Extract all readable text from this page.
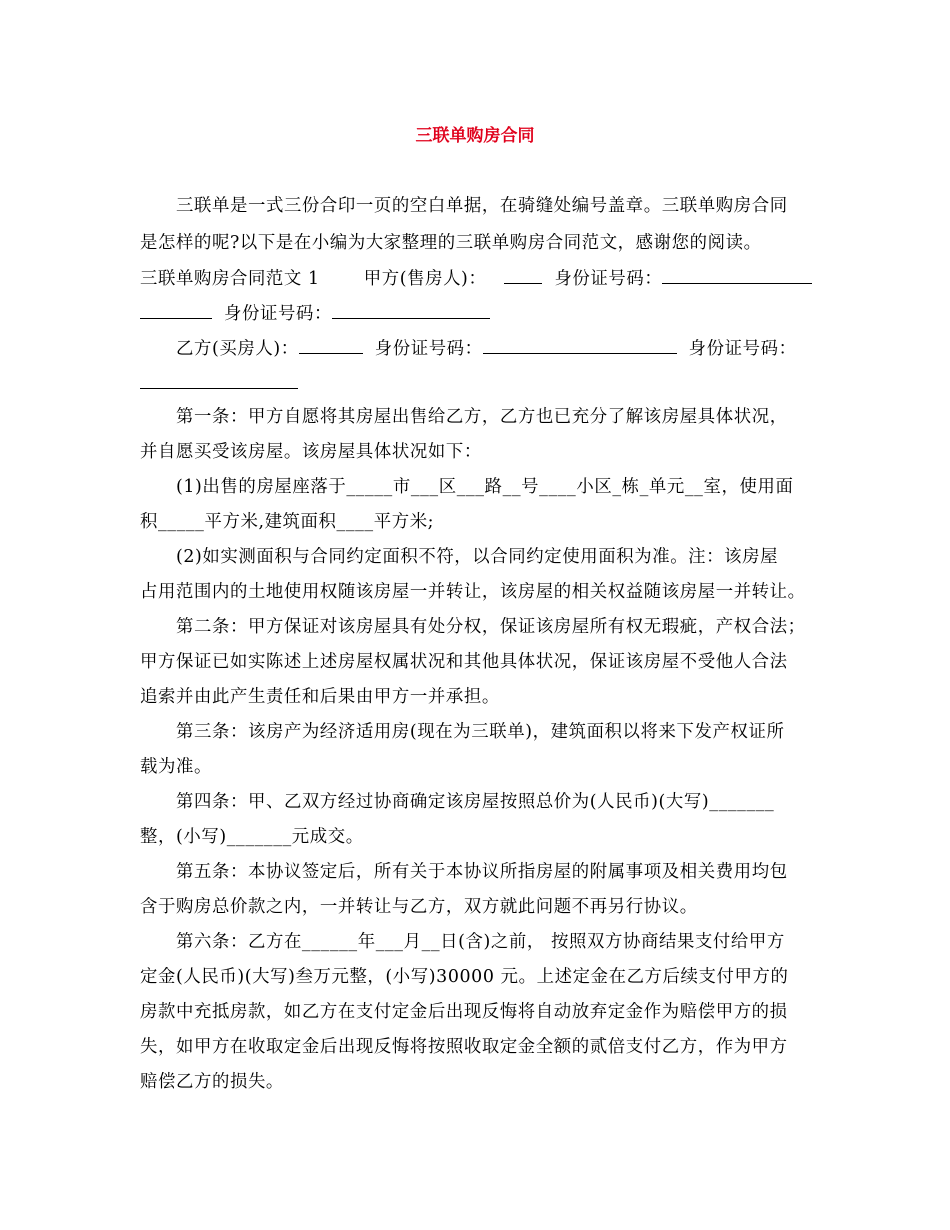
三联单购房合同
三联单是一式三份合印一页的空白单据，在骑缝处编号盖章。三联单购房合同
是怎样的呢?以下是在小编为大家整理的三联单购房合同范文，感谢您的阅读。
三联单购房合同范文 1	甲方(售房人)：	身份证号码：
身份证号码：
乙方(买房人)：	身份证号码：	身份证号码：
第一条：甲方自愿将其房屋出售给乙方，乙方也已充分了解该房屋具体状况，
并自愿买受该房屋。该房屋具体状况如下：
(1)出售的房屋座落于_____市___区___路__号____小区_栋_单元__室，使用面
积_____平方米,建筑面积____平方米;
(2)如实测面积与合同约定面积不符，以合同约定使用面积为准。注：该房屋
占用范围内的土地使用权随该房屋一并转让，该房屋的相关权益随该房屋一并转让。
第二条：甲方保证对该房屋具有处分权，保证该房屋所有权无瑕疵，产权合法；
甲方保证已如实陈述上述房屋权属状况和其他具体状况，保证该房屋不受他人合法
追索并由此产生责任和后果由甲方一并承担。
第三条：该房产为经济适用房(现在为三联单)，建筑面积以将来下发产权证所
载为准。
第四条：甲、乙双方经过协商确定该房屋按照总价为(人民币)(大写)_______
整，(小写)_______元成交。
第五条：本协议签定后，所有关于本协议所指房屋的附属事项及相关费用均包
含于购房总价款之内，一并转让与乙方，双方就此问题不再另行协议。
第六条：乙方在______年___月__日(含)之前， 按照双方协商结果支付给甲方
定金(人民币)(大写)叁万元整，(小写)30000 元。上述定金在乙方后续支付甲方的
房款中充抵房款，如乙方在支付定金后出现反悔将自动放弃定金作为赔偿甲方的损
失，如甲方在收取定金后出现反悔将按照收取定金全额的贰倍支付乙方，作为甲方
赔偿乙方的损失。
